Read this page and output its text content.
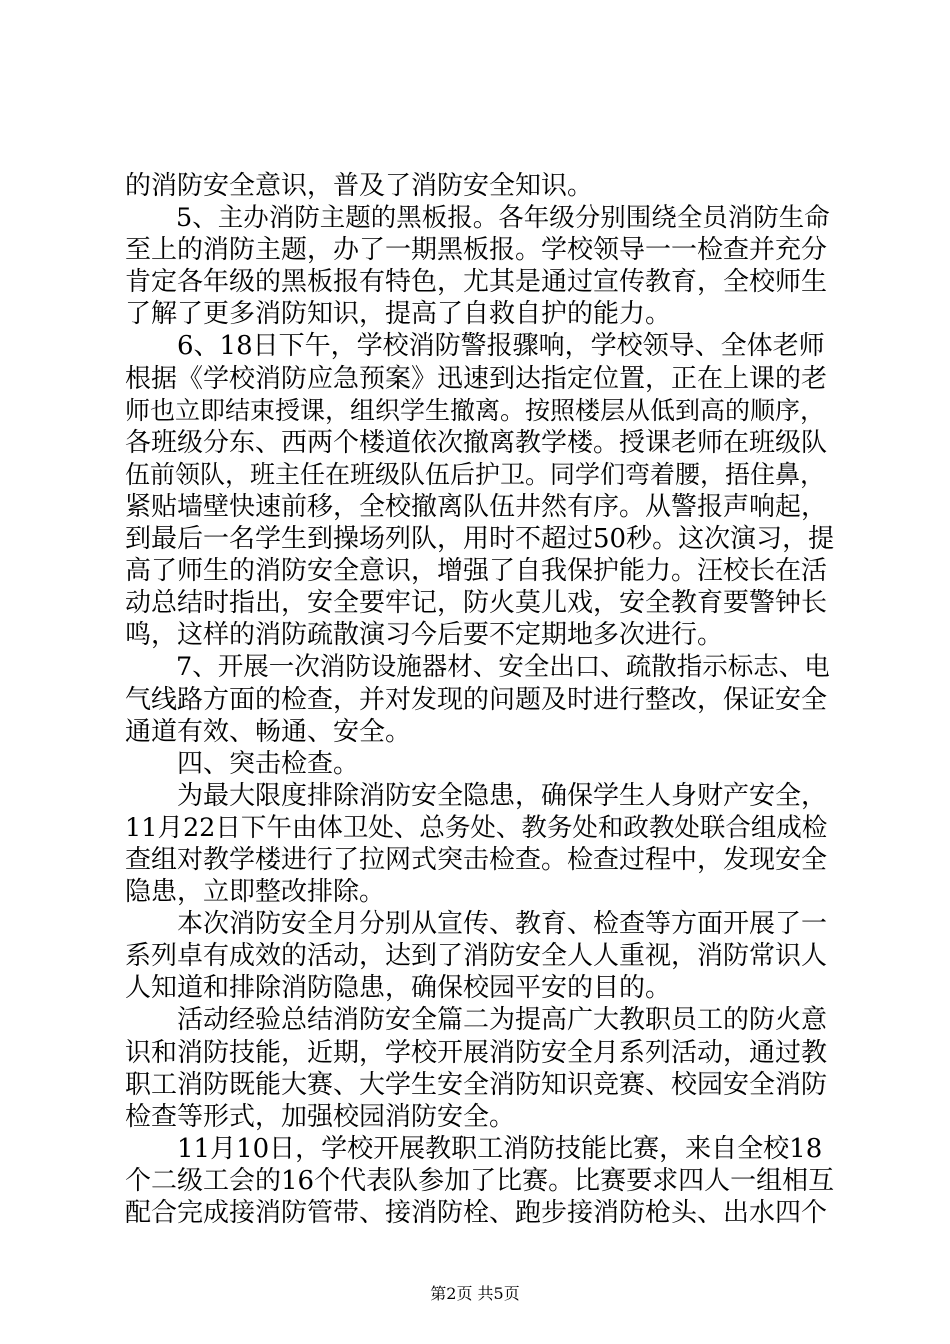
的消防安全意识，普及了消防安全知识。
　　5、主办消防主题的黑板报。各年级分别围绕全员消防生命
至上的消防主题，办了一期黑板报。学校领导一一检查并充分
肯定各年级的黑板报有特色，尤其是通过宣传教育，全校师生
了解了更多消防知识，提高了自救自护的能力。
　　6、18日下午，学校消防警报骤响，学校领导、全体老师
根据《学校消防应急预案》迅速到达指定位置，正在上课的老
师也立即结束授课，组织学生撤离。按照楼层从低到高的顺序，
各班级分东、西两个楼道依次撤离教学楼。授课老师在班级队
伍前领队，班主任在班级队伍后护卫。同学们弯着腰，捂住鼻，
紧贴墙壁快速前移，全校撤离队伍井然有序。从警报声响起，
到最后一名学生到操场列队，用时不超过50秒。这次演习，提
高了师生的消防安全意识，增强了自我保护能力。汪校长在活
动总结时指出，安全要牢记，防火莫儿戏，安全教育要警钟长
鸣，这样的消防疏散演习今后要不定期地多次进行。
　　7、开展一次消防设施器材、安全出口、疏散指示标志、电
气线路方面的检查，并对发现的问题及时进行整改，保证安全
通道有效、畅通、安全。
　　四、突击检查。
　　为最大限度排除消防安全隐患，确保学生人身财产安全，
11月22日下午由体卫处、总务处、教务处和政教处联合组成检
查组对教学楼进行了拉网式突击检查。检查过程中，发现安全
隐患，立即整改排除。
　　本次消防安全月分别从宣传、教育、检查等方面开展了一
系列卓有成效的活动，达到了消防安全人人重视，消防常识人
人知道和排除消防隐患，确保校园平安的目的。
　　活动经验总结消防安全篇二为提高广大教职员工的防火意
识和消防技能，近期，学校开展消防安全月系列活动，通过教
职工消防既能大赛、大学生安全消防知识竞赛、校园安全消防
检查等形式，加强校园消防安全。
　　11月10日，学校开展教职工消防技能比赛，来自全校18
个二级工会的16个代表队参加了比赛。比赛要求四人一组相互
配合完成接消防管带、接消防栓、跑步接消防枪头、出水四个
第2页 共5页
